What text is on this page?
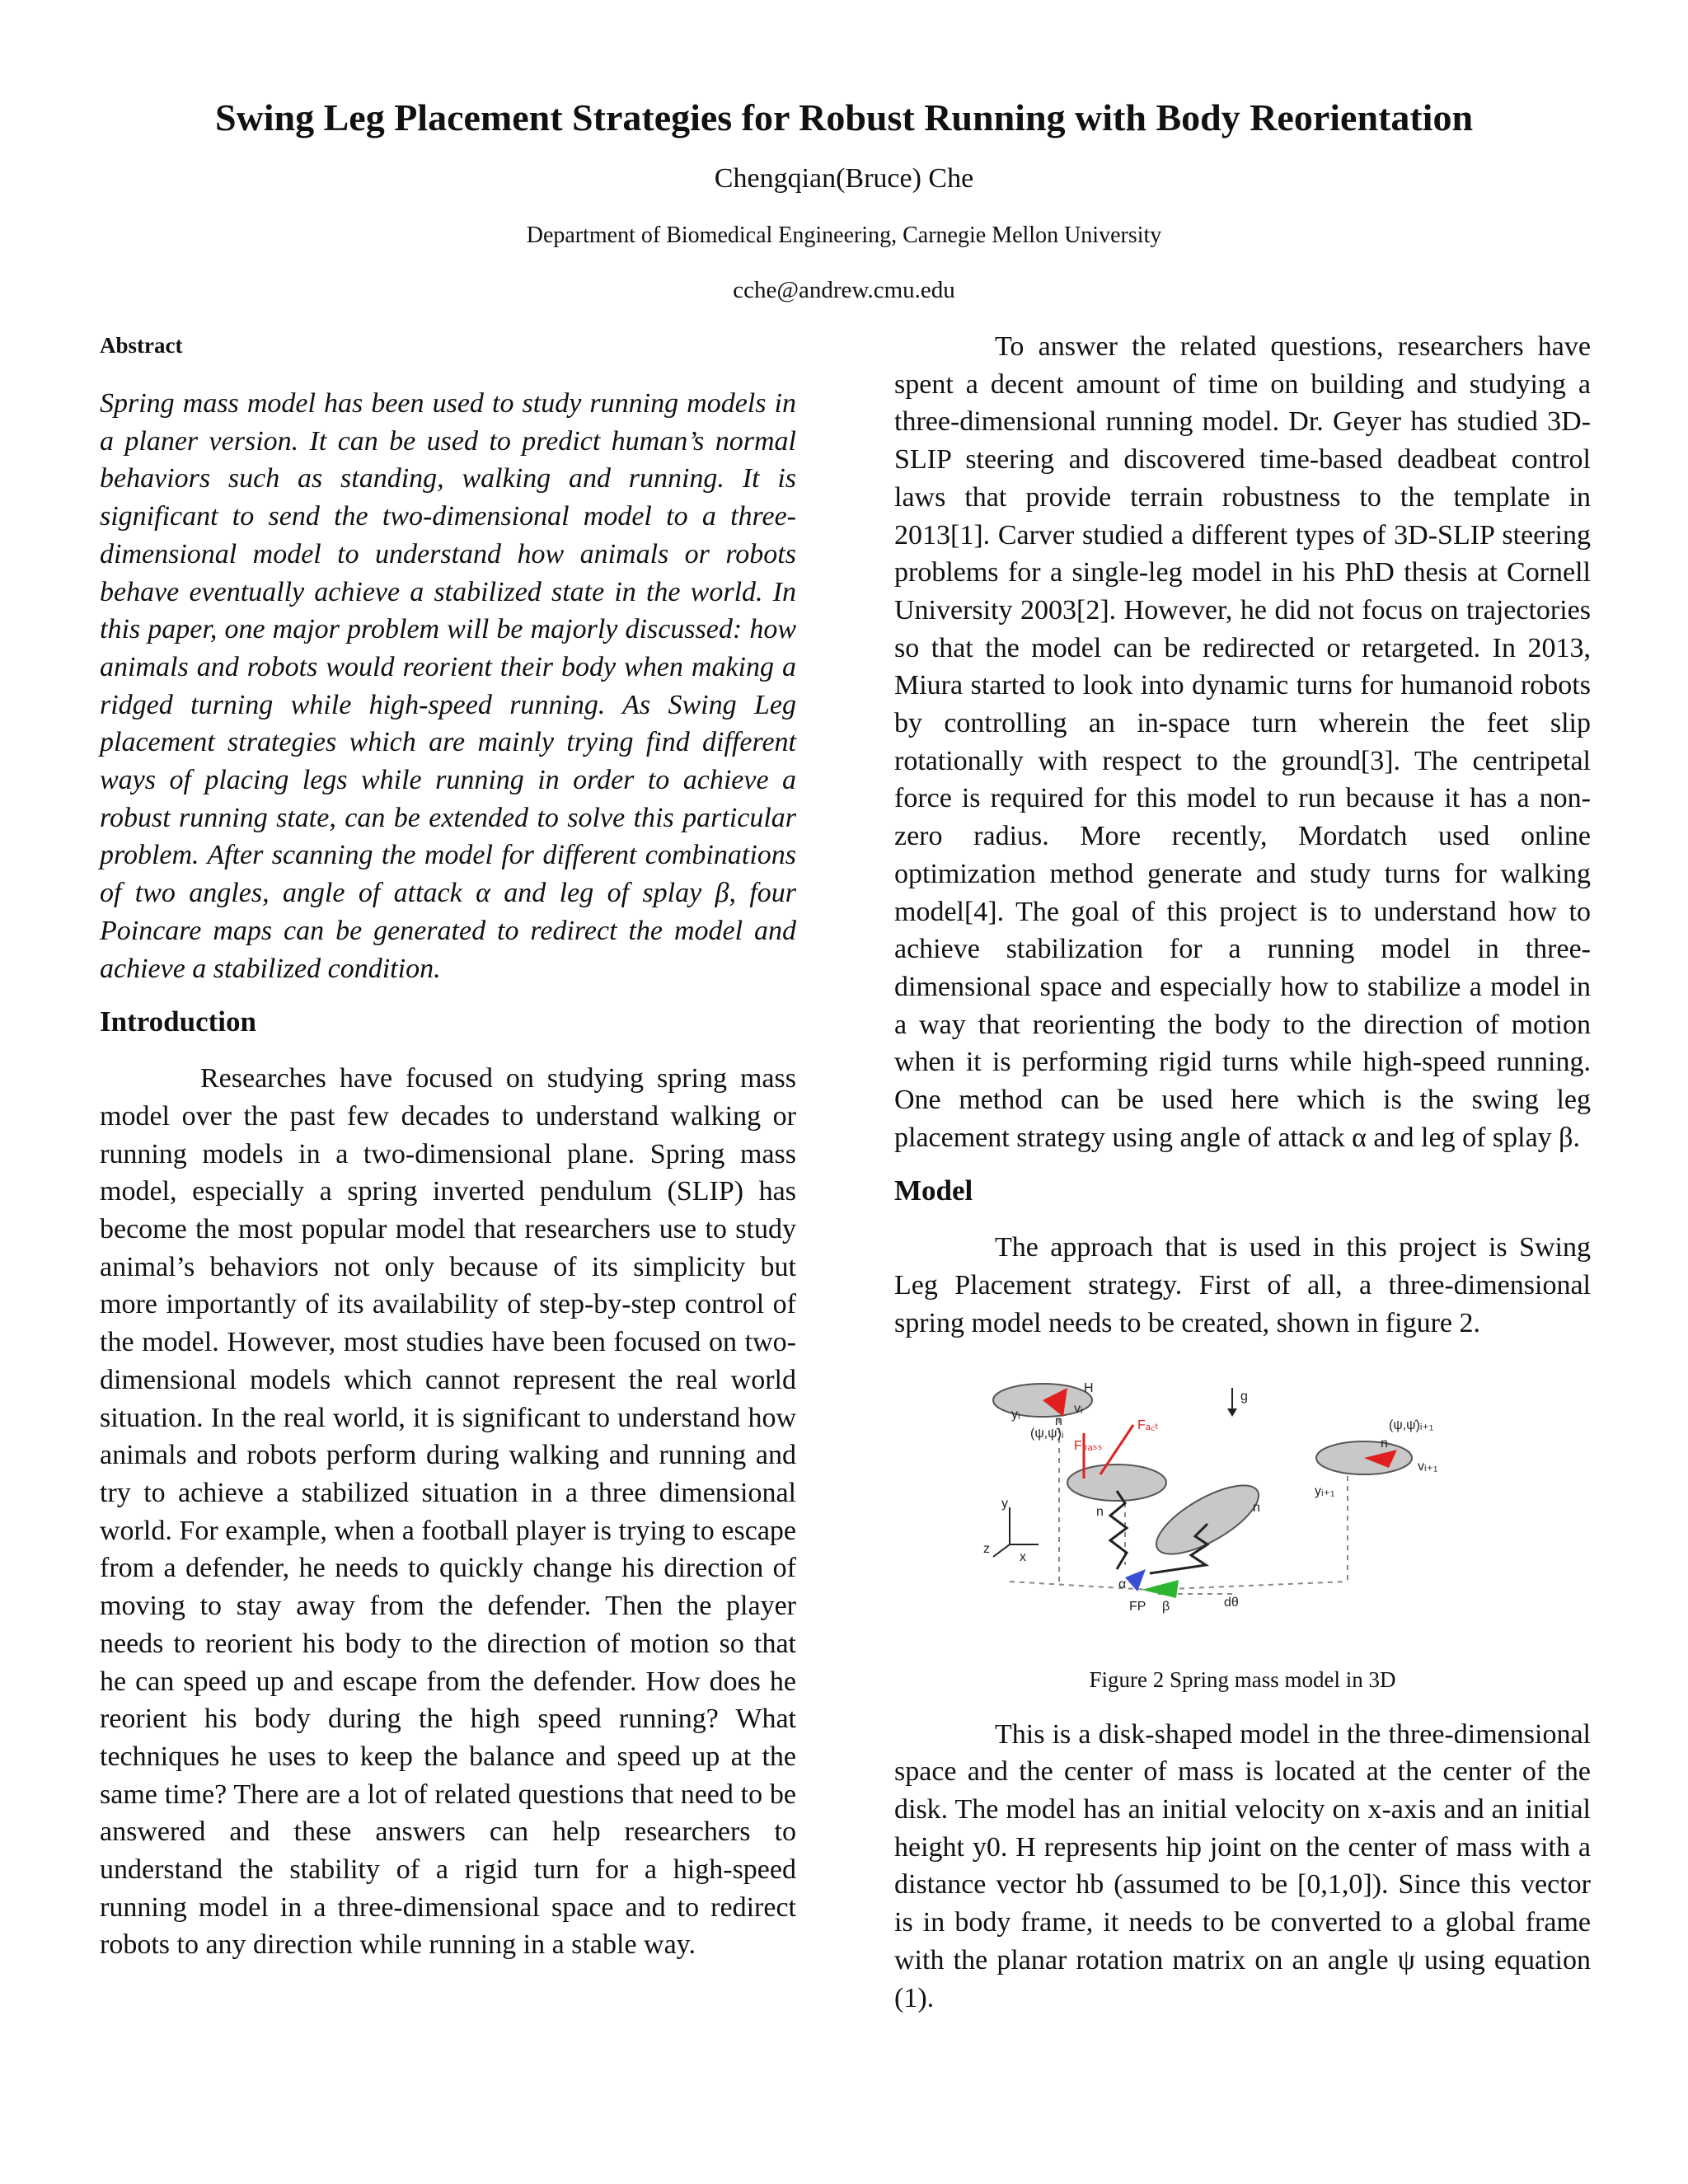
Swing Leg Placement Strategies for Robust Running with Body Reorientation
Chengqian(Bruce) Che
Department of Biomedical Engineering, Carnegie Mellon University
cche@andrew.cmu.edu
Abstract

Spring mass model has been used to study running models in a planer version. It can be used to predict human’s normal behaviors such as standing, walking and running. It is significant to send the two-dimensional model to a three-dimensional model to understand how animals or robots behave eventually achieve a stabilized state in the world. In this paper, one major problem will be majorly discussed: how animals and robots would reorient their body when making a ridged turning while high-speed running. As Swing Leg placement strategies which are mainly trying find different ways of placing legs while running in order to achieve a robust running state, can be extended to solve this particular problem. After scanning the model for different combinations of two angles, angle of attack α and leg of splay β, four Poincare maps can be generated to redirect the model and achieve a stabilized condition.

Introduction

Researches have focused on studying spring mass model over the past few decades to understand walking or running models in a two-dimensional plane. Spring mass model, especially a spring inverted pendulum (SLIP) has become the most popular model that researchers use to study animal’s behaviors not only because of its simplicity but more importantly of its availability of step-by-step control of the model. However, most studies have been focused on two-dimensional models which cannot represent the real world situation. In the real world, it is significant to understand how animals and robots perform during walking and running and try to achieve a stabilized situation in a three dimensional world. For example, when a football player is trying to escape from a defender, he needs to quickly change his direction of moving to stay away from the defender. Then the player needs to reorient his body to the direction of motion so that he can speed up and escape from the defender. How does he reorient his body during the high speed running? What techniques he uses to keep the balance and speed up at the same time? There are a lot of related questions that need to be answered and these answers can help researchers to understand the stability of a rigid turn for a high-speed running model in a three-dimensional space and to redirect robots to any direction while running in a stable way.

To answer the related questions, researchers have spent a decent amount of time on building and studying a three-dimensional running model. Dr. Geyer has studied 3D-SLIP steering and discovered time-based deadbeat control laws that provide terrain robustness to the template in 2013[1]. Carver studied a different types of 3D-SLIP steering problems for a single-leg model in his PhD thesis at Cornell University 2003[2]. However, he did not focus on trajectories so that the model can be redirected or retargeted. In 2013, Miura started to look into dynamic turns for humanoid robots by controlling an in-space turn wherein the feet slip rotationally with respect to the ground[3]. The centripetal force is required for this model to run because it has a non-zero radius. More recently, Mordatch used online optimization method generate and study turns for walking model[4]. The goal of this project is to understand how to achieve stabilization for a running model in three-dimensional space and especially how to stabilize a model in a way that reorienting the body to the direction of motion when it is performing rigid turns while high-speed running. One method can be used here which is the swing leg placement strategy using angle of attack α and leg of splay β.

Model

The approach that is used in this project is Swing Leg Placement strategy. First of all, a three-dimensional spring model needs to be created, shown in figure 2.

H
g
yᵢ	vᵢ
(ψ,ψ̇)ᵢ
n
Fₚₐₛₛ
Fₐ꜀ₜ	(ψ,ψ̇)ᵢ₊₁
n
vᵢ₊₁
yᵢ₊₁
n	n
y
z
x
α
FP β	dθ
Figure 2 Spring mass model in 3D

This is a disk-shaped model in the three-dimensional space and the center of mass is located at the center of the disk. The model has an initial velocity on x-axis and an initial height y0. H represents hip joint on the center of mass with a distance vector hb (assumed to be [0,1,0]). Since this vector is in body frame, it needs to be converted to a global frame with the planar rotation matrix on an angle ψ using equation (1).
